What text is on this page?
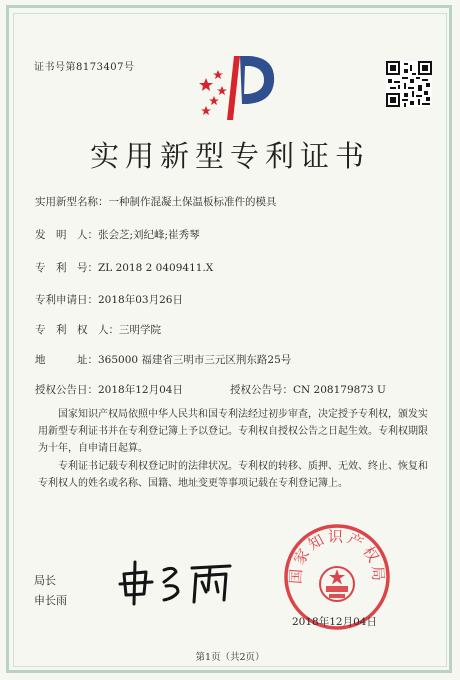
证书号第8173407号
实用新型专利证书
实用新型名称：一种制作混凝土保温板标准件的模具
发　明　人：张会芝;刘纪峰;崔秀琴
专　利　号：ZL 2018 2 0409411.X
专利申请日：2018年03月26日
专　利　权　人：三明学院
地　　　址：365000 福建省三明市三元区荆东路25号
授权公告日：2018年12月04日	授权公告号：CN 208179873 U
国家知识产权局依照中华人民共和国专利法经过初步审查，决定授予专利权，颁发实用新型专利证书并在专利登记簿上予以登记。专利权自授权公告之日起生效。专利权期限为十年，自申请日起算。
专利证书记载专利权登记时的法律状况。专利权的转移、质押、无效、终止、恢复和专利权人的姓名或名称、国籍、地址变更等事项记载在专利登记簿上。
国家知识产权局
局长
申长雨
2018年12月04日
第1页（共2页）
